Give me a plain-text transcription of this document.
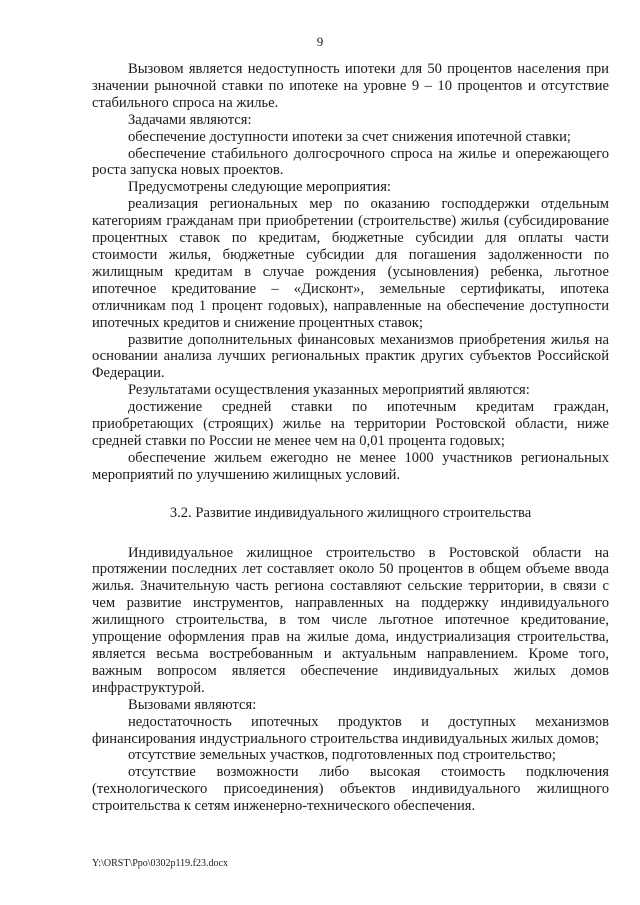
9

Вызовом является недоступность ипотеки для 50 процентов населения при значении рыночной ставки по ипотеке на уровне 9 – 10 процентов и отсутствие стабильного спроса на жилье.

Задачами являются:

обеспечение доступности ипотеки за счет снижения ипотечной ставки;

обеспечение стабильного долгосрочного спроса на жилье и опережающего роста запуска новых проектов.

Предусмотрены следующие мероприятия:

реализация региональных мер по оказанию господдержки отдельным категориям гражданам при приобретении (строительстве) жилья (субсидирование процентных ставок по кредитам, бюджетные субсидии для оплаты части стоимости жилья, бюджетные субсидии для погашения задолженности по жилищным кредитам в случае рождения (усыновления) ребенка, льготное ипотечное кредитование – «Дисконт», земельные сертификаты, ипотека отличникам под 1 процент годовых), направленные на обеспечение доступности ипотечных кредитов и снижение процентных ставок;

развитие дополнительных финансовых механизмов приобретения жилья на основании анализа лучших региональных практик других субъектов Российской Федерации.

Результатами осуществления указанных мероприятий являются:

достижение средней ставки по ипотечным кредитам граждан, приобретающих (строящих) жилье на территории Ростовской области, ниже средней ставки по России не менее чем на 0,01 процента годовых;

обеспечение жильем ежегодно не менее 1000 участников региональных мероприятий по улучшению жилищных условий.

3.2. Развитие индивидуального жилищного строительства

Индивидуальное жилищное строительство в Ростовской области на протяжении последних лет составляет около 50 процентов в общем объеме ввода жилья. Значительную часть региона составляют сельские территории, в связи с чем развитие инструментов, направленных на поддержку индивидуального жилищного строительства, в том числе льготное ипотечное кредитование, упрощение оформления прав на жилые дома, индустриализация строительства, является весьма востребованным и актуальным направлением. Кроме того, важным вопросом является обеспечение индивидуальных жилых домов инфраструктурой.

Вызовами являются:

недостаточность ипотечных продуктов и доступных механизмов финансирования индустриального строительства индивидуальных жилых домов;

отсутствие земельных участков, подготовленных под строительство;

отсутствие возможности либо высокая стоимость подключения (технологического присоединения) объектов индивидуального жилищного строительства к сетям инженерно-технического обеспечения.

Y:\ORST\Ppo\0302p119.f23.docx
